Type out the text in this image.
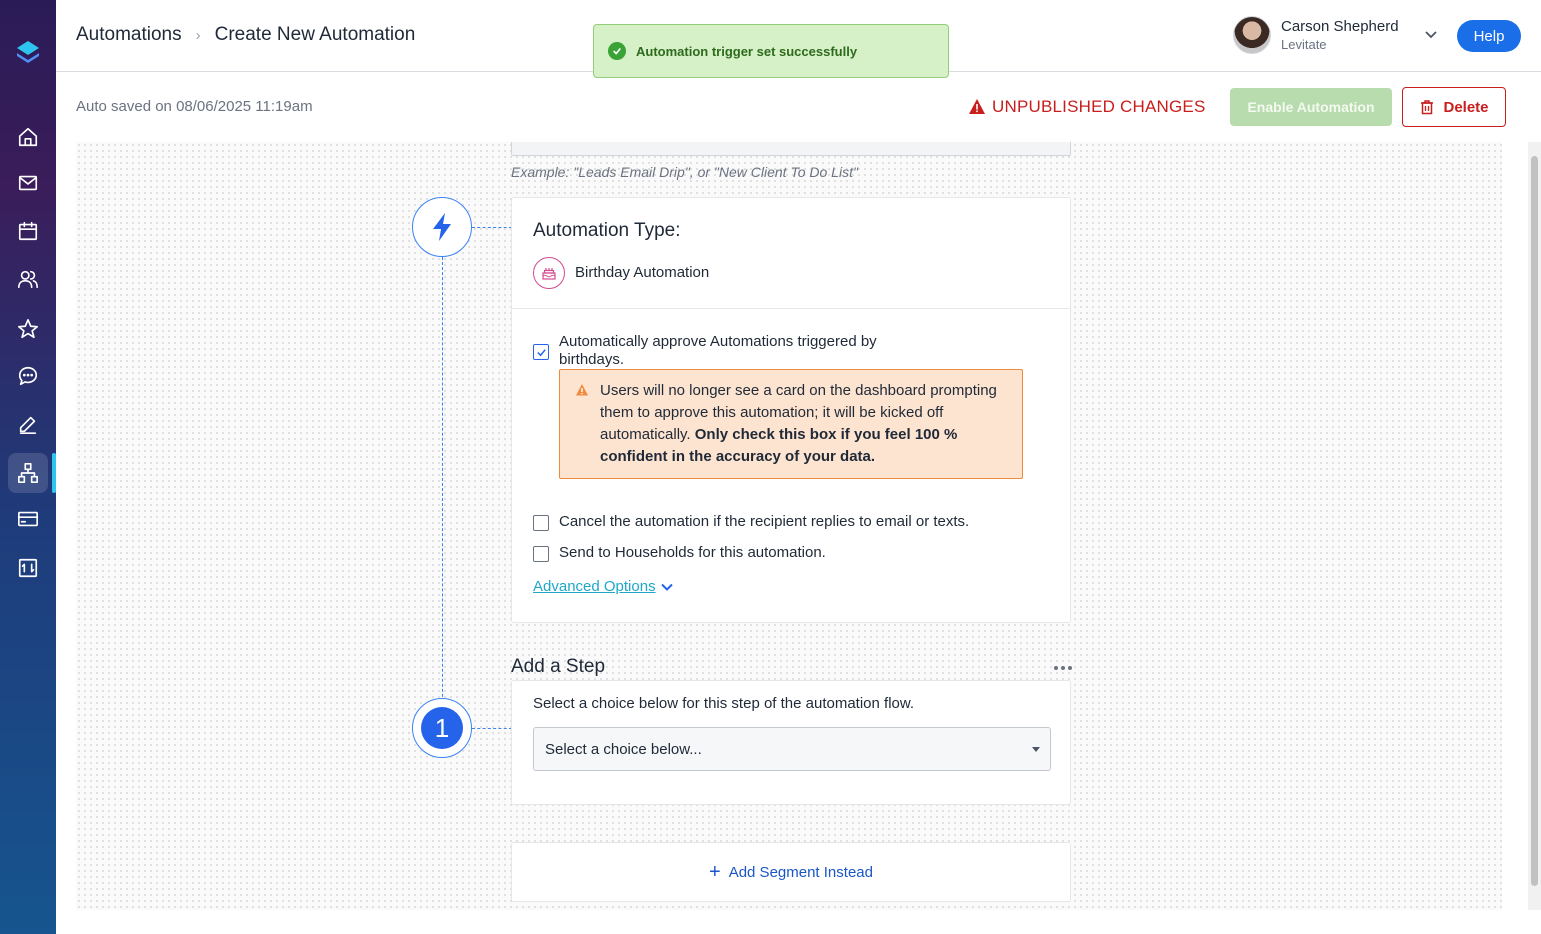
Automations › Create New Automation
Automation trigger set successfully
Carson Shepherd
Levitate	Help
Auto saved on 08/06/2025 11:19am	UNPUBLISHED CHANGES	Enable Automation	Delete
Example: "Leads Email Drip", or "New Client To Do List"
Automation Type:
Birthday Automation
Automatically approve Automations triggered by birthdays.
Users will no longer see a card on the dashboard prompting them to approve this automation; it will be kicked off automatically. Only check this box if you feel 100 % confident in the accuracy of your data.
Cancel the automation if the recipient replies to email or texts.
Send to Households for this automation.
Advanced Options
Add a Step
1
Select a choice below for this step of the automation flow.
Select a choice below...
+ Add Segment Instead
